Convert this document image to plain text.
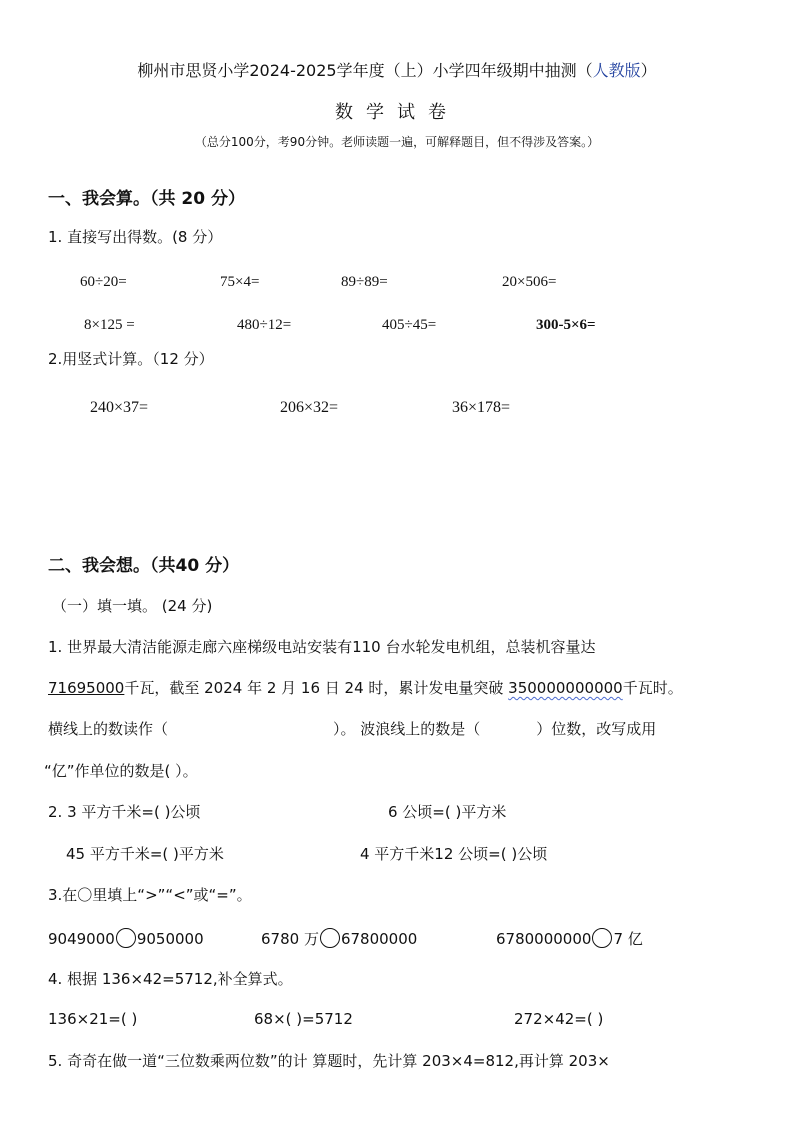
柳州市思贤小学2024-2025学年度（上）小学四年级期中抽测（人教版）
数学试卷
（总分100分，考90分钟。老师读题一遍，可解释题目，但不得涉及答案。）
一、我会算。（共 20 分）
1. 直接写出得数。(8 分）
60÷20=	75×4=	89÷89=	20×506=
8×125 =	480÷12=	405÷45=	300-5×6=
2.用竖式计算。（12 分）
240×37=	206×32=	36×178=
二、我会想。（共40 分）
（一）填一填。 (24 分)
1. 世界最大清洁能源走廊六座梯级电站安装有110 台水轮发电机组，总装机容量达
71695000千瓦，截至 2024 年 2 月 16 日 24 时，累计发电量突破 350000000000千瓦时。
横线上的数读作（	）。 波浪线上的数是（	）位数，改写成用
“亿”作单位的数是( ）。
2. 3 平方千米=( )公顷	6 公顷=( )平方米
45 平方千米=( )平方米	4 平方千米12 公顷=( )公顷
3.在〇里填上“>”“<”或“=”。
9049000 9050000	6780 万 67800000	6780000000 7 亿
4. 根据 136×42=5712,补全算式。
136×21=( )	68×( )=5712	272×42=( )
5. 奇奇在做一道“三位数乘两位数”的计 算题时，先计算 203×4=812,再计算 203×
